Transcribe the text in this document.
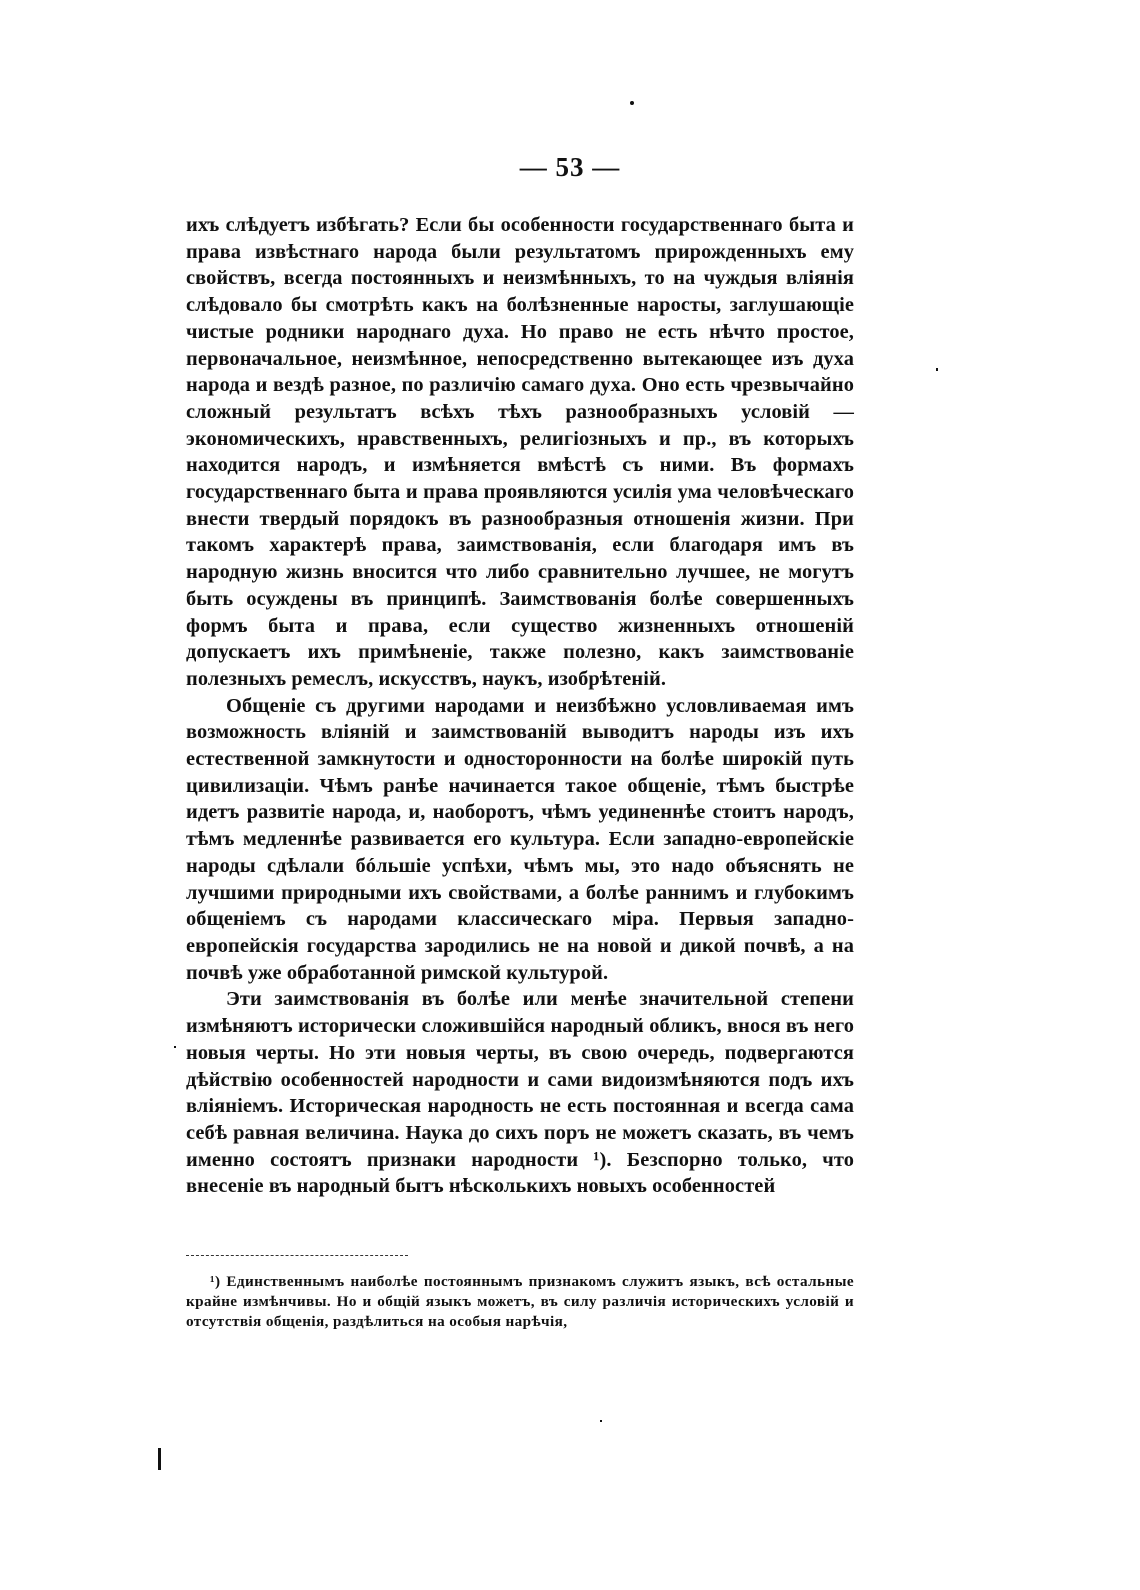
— 53 —

ихъ слѣдуетъ избѣгать? Если бы особенности государственнаго быта и права извѣстнаго народа были результатомъ прирожденныхъ ему свойствъ, всегда постоянныхъ и неизмѣнныхъ, то на чуждыя вліянія слѣдовало бы смотрѣть какъ на болѣзненные наросты, заглушающіе чистые родники народнаго духа. Но право не есть нѣчто простое, первоначальное, неизмѣнное, непосредственно вытекающее изъ духа народа и вездѣ разное, по различію самаго духа. Оно есть чрезвычайно сложный результатъ всѣхъ тѣхъ разнообразныхъ условій — экономическихъ, нравственныхъ, религіозныхъ и пр., въ которыхъ находится народъ, и измѣняется вмѣстѣ съ ними. Въ формахъ государственнаго быта и права проявляются усилія ума человѣческаго внести твердый порядокъ въ разнообразныя отношенія жизни. При такомъ характерѣ права, заимствованія, если благодаря имъ въ народную жизнь вносится что либо сравнительно лучшее, не могутъ быть осуждены въ принципѣ. Заимствованія болѣе совершенныхъ формъ быта и права, если существо жизненныхъ отношеній допускаетъ ихъ примѣненіе, также полезно, какъ заимствованіе полезныхъ ремеслъ, искусствъ, наукъ, изобрѣтеній.

Общеніе съ другими народами и неизбѣжно условливаемая имъ возможность вліяній и заимствованій выводитъ народы изъ ихъ естественной замкнутости и односторонности на болѣе широкій путь цивилизаціи. Чѣмъ ранѣе начинается такое общеніе, тѣмъ быстрѣе идетъ развитіе народа, и, наоборотъ, чѣмъ уединеннѣе стоитъ народъ, тѣмъ медленнѣе развивается его культура. Если западно-европейскіе народы сдѣлали бóльшіе успѣхи, чѣмъ мы, это надо объяснять не лучшими природными ихъ свойствами, а болѣе раннимъ и глубокимъ общеніемъ съ народами классическаго міра. Первыя западно-европейскія государства зародились не на новой и дикой почвѣ, а на почвѣ уже обработанной римской культурой.

Эти заимствованія въ болѣе или менѣе значительной степени измѣняютъ исторически сложившійся народный обликъ, внося въ него новыя черты. Но эти новыя черты, въ свою очередь, подвергаются дѣйствію особенностей народности и сами видоизмѣняются подъ ихъ вліяніемъ. Историческая народность не есть постоянная и всегда сама себѣ равная величина. Наука до сихъ поръ не можетъ сказать, въ чемъ именно состоятъ признаки народности ¹). Безспорно только, что внесеніе въ народный бытъ нѣсколькихъ новыхъ особенностей

¹) Единственнымъ наиболѣе постояннымъ признакомъ служитъ языкъ, всѣ остальные крайне измѣнчивы. Но и общій языкъ можетъ, въ силу различія историческихъ условій и отсутствія общенія, раздѣлиться на особыя нарѣчія,
